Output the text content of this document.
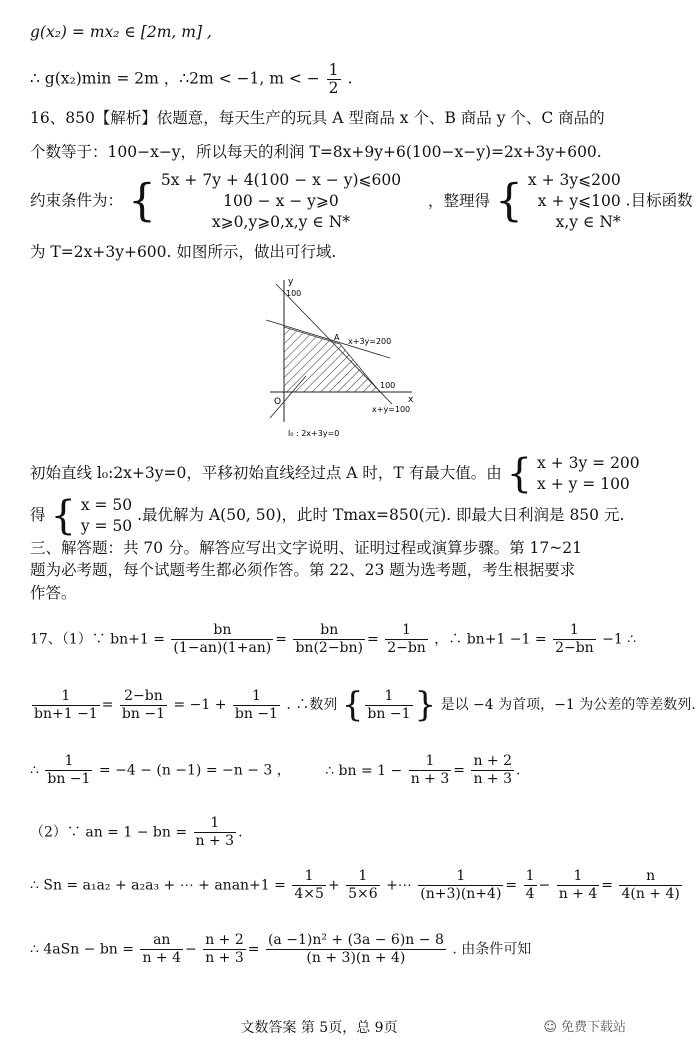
g(x₂) = mx₂ ∈ [2m, m] ,
∴ g(x₂)min = 2m ，∴2m < −1, m < − $\frac{1}{2}$ .
16、850【解析】依题意，每天生产的玩具 A 型商品 x 个、B 商品 y 个、C 商品的
个数等于：100−x−y，所以每天的利润 T=8x+9y+6(100−x−y)=2x+3y+600.
约束条件为： { 5x + 7y + 4(100 − x − y)⩽600
100 − x − y⩾0
x⩾0,y⩾0,x,y ∈ N*
，整理得 { x + 3y⩽200
x + y⩽100
x,y ∈ N*
.目标函数
为 T=2x+3y+600. 如图所示，做出可行域.
y
x
100
100
O
A x+3y=200
x+y=100
l₀ : 2x+3y=0
初始直线 l₀:2x+3y=0，平移初始直线经过点 A 时，T 有最大值。由 { x + 3y = 200
x + y = 100
得 { x = 50
y = 50
.最优解为 A(50, 50)，此时 Tmax=850(元). 即最大日利润是 850 元.
三、解答题：共 70 分。解答应写出文字说明、证明过程或演算步骤。第 17~21
题为必考题，每个试题考生都必须作答。第 22、23 题为选考题，考生根据要求
作答。
17、（1）∵ $bn+1 = \frac{bn}{(1-an)(1+an)} = \frac{bn}{bn(2-bn)} = \frac{1}{2-bn}$ ，∴ $bn+1 -1 = \frac{1}{2-bn} -1$ ∴
$\frac{1}{bn+1 -1} = \frac{2-bn}{bn -1} = -1 + \frac{1}{bn -1}$ . ∴数列 { $\frac{1}{bn -1}$ } 是以 −4 为首项，−1 为公差的等差数列.
∴ $\frac{1}{bn -1} = -4 - (n -1) = -n - 3$ ， ∴ bn = $1 - \frac{1}{n + 3} = \frac{n + 2}{n + 3}$ .
（2）∵ an = 1 − bn = $\frac{1}{n + 3}$ .
∴ Sn = a₁a₂ + a₂a₃ + ⋯ + anan+1 = $\frac{1}{4\times 5} + \frac{1}{5\times 6}$ +⋯ $\frac{1}{(n+3)(n+4)} = \frac{1}{4} - \frac{1}{n + 4} = \frac{n}{4(n + 4)}$
∴ 4aSn − bn = $\frac{an}{n + 4} - \frac{n + 2}{n + 3} = \frac{\text{(a −1)n² + (3a − 6)n − 8}}{(n + 3)(n + 4)}$ . 由条件可知
文数答案 第 5页，总 9页	☺ 免费下载站
